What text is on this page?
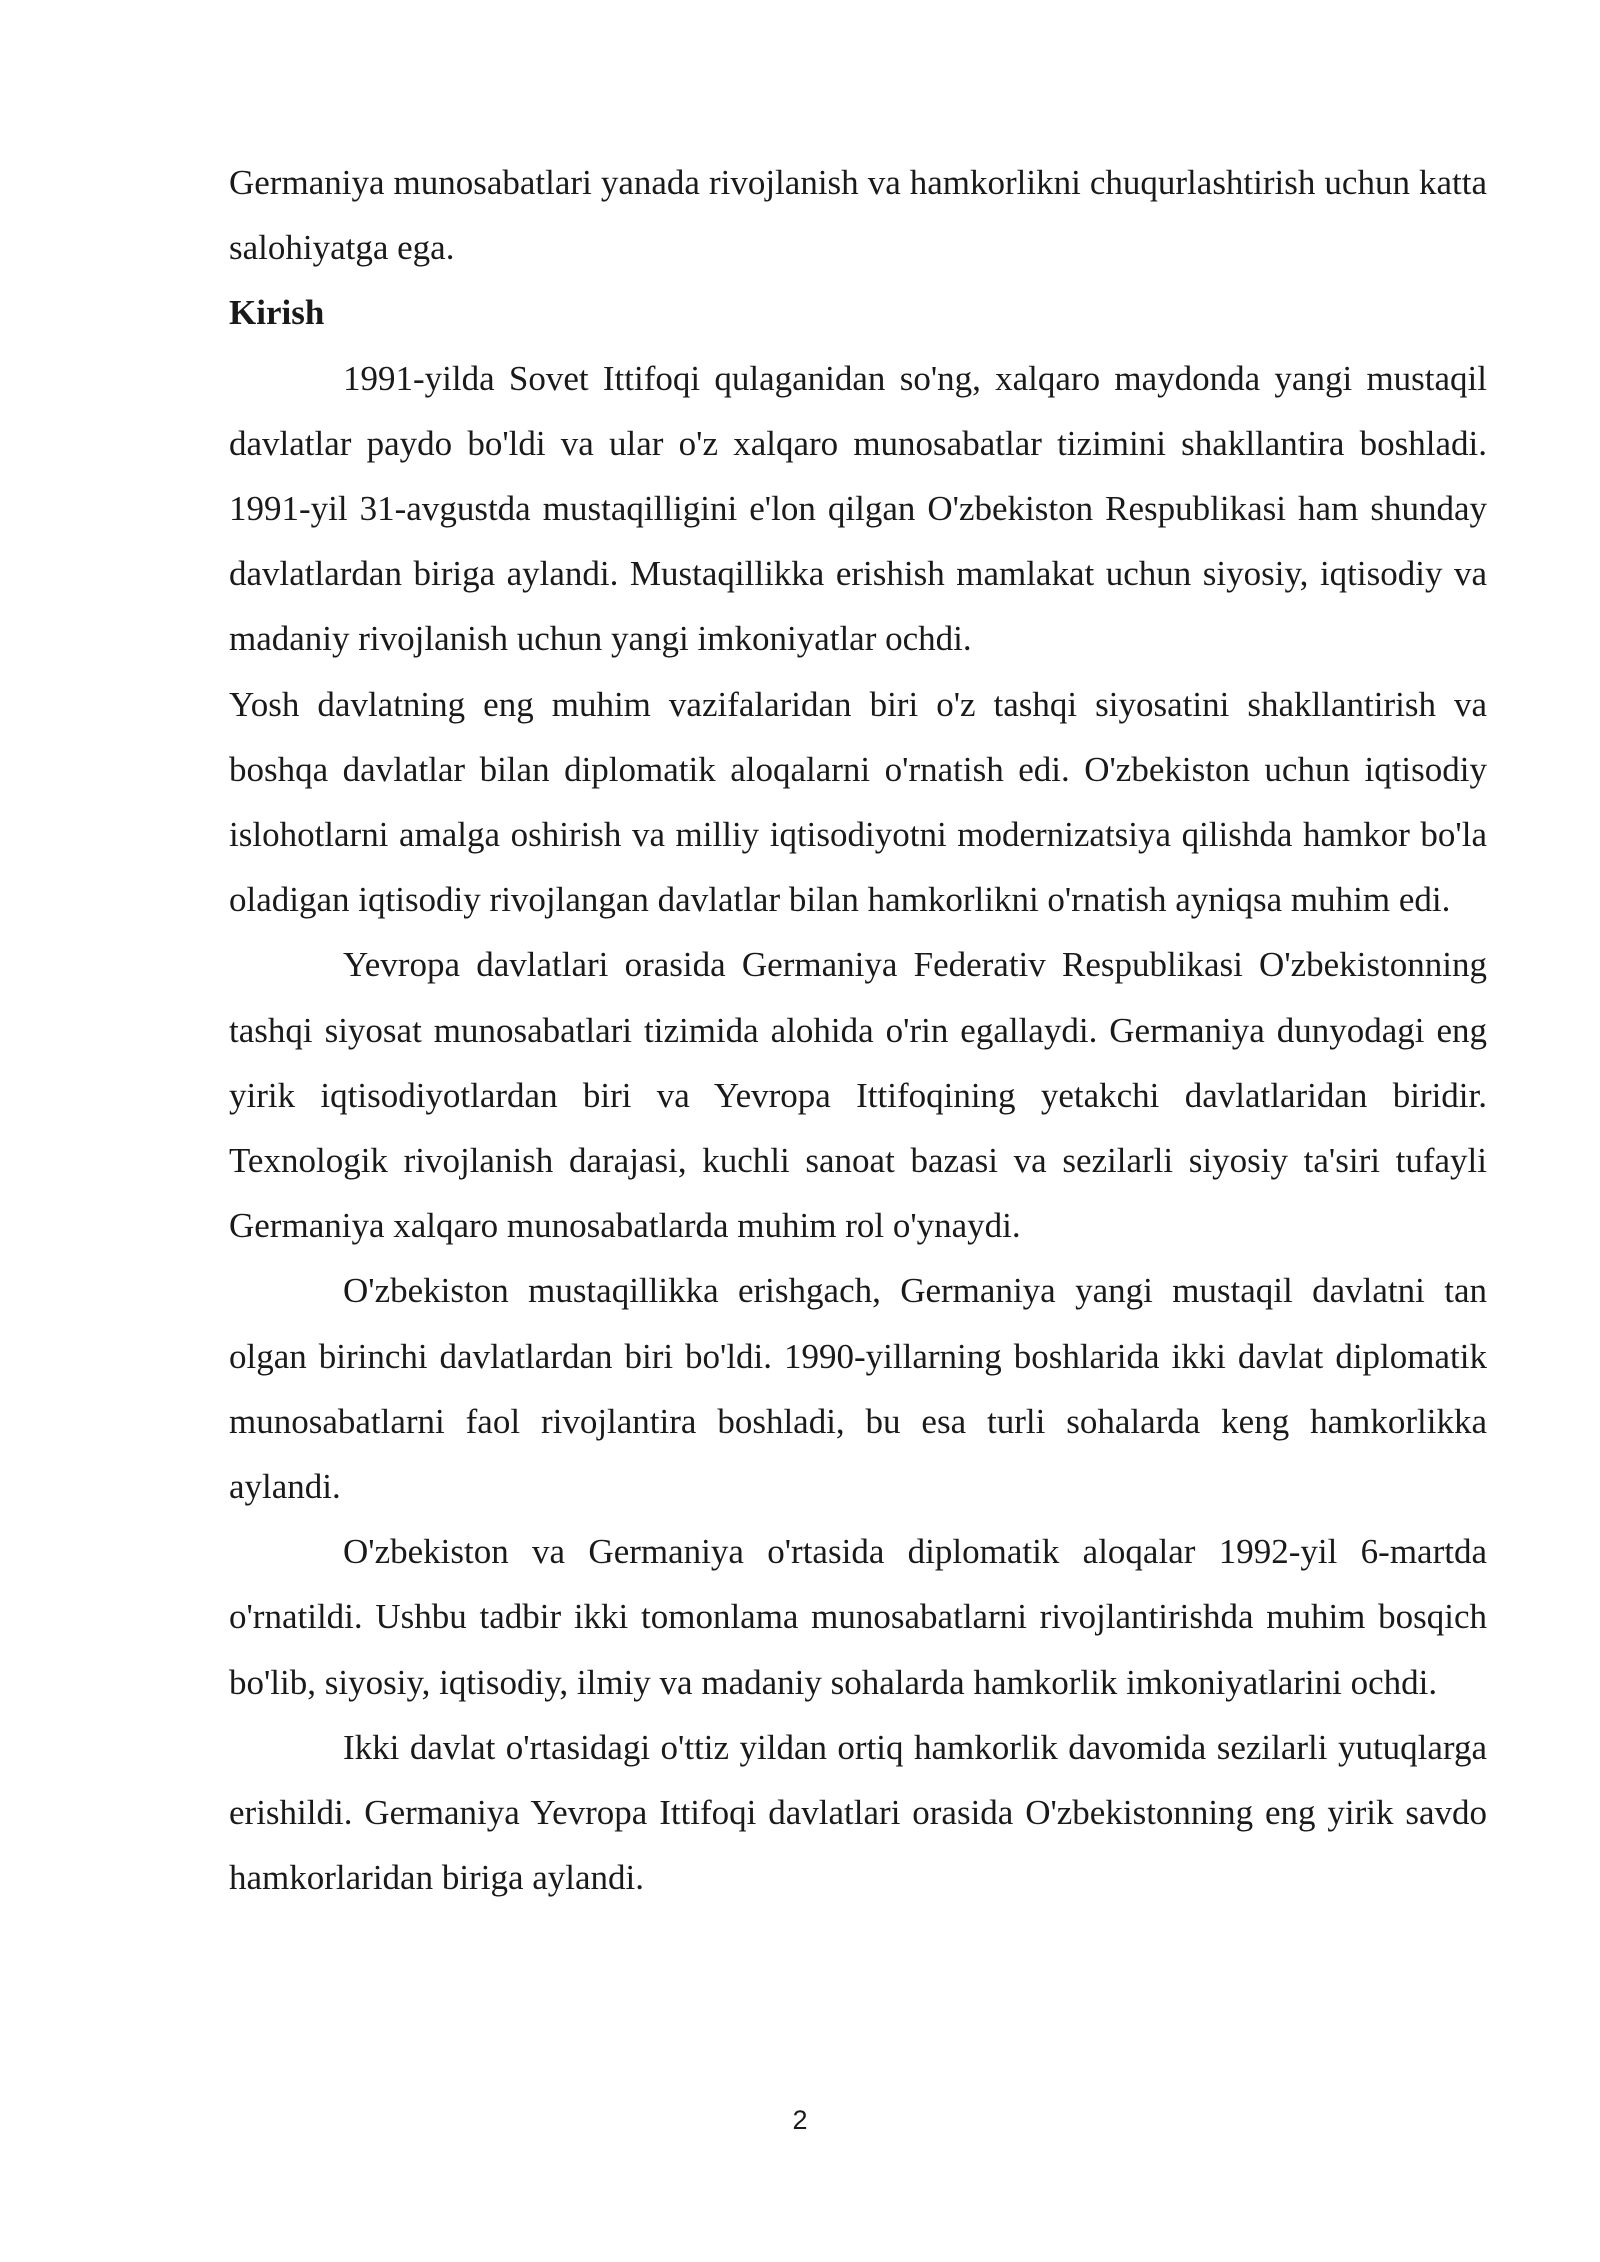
Germaniya munosabatlari yanada rivojlanish va hamkorlikni chuqurlashtirish uchun katta salohiyatga ega.

Kirish

1991-yilda Sovet Ittifoqi qulaganidan so'ng, xalqaro maydonda yangi mustaqil davlatlar paydo bo'ldi va ular o'z xalqaro munosabatlar tizimini shakllantira boshladi. 1991-yil 31-avgustda mustaqilligini e'lon qilgan O'zbekiston Respublikasi ham shunday davlatlardan biriga aylandi. Mustaqillikka erishish mamlakat uchun siyosiy, iqtisodiy va madaniy rivojlanish uchun yangi imkoniyatlar ochdi.

Yosh davlatning eng muhim vazifalaridan biri o'z tashqi siyosatini shakllantirish va boshqa davlatlar bilan diplomatik aloqalarni o'rnatish edi. O'zbekiston uchun iqtisodiy islohotlarni amalga oshirish va milliy iqtisodiyotni modernizatsiya qilishda hamkor bo'la oladigan iqtisodiy rivojlangan davlatlar bilan hamkorlikni o'rnatish ayniqsa muhim edi.

Yevropa davlatlari orasida Germaniya Federativ Respublikasi O'zbekistonning tashqi siyosat munosabatlari tizimida alohida o'rin egallaydi. Germaniya dunyodagi eng yirik iqtisodiyotlardan biri va Yevropa Ittifoqining yetakchi davlatlaridan biridir. Texnologik rivojlanish darajasi, kuchli sanoat bazasi va sezilarli siyosiy ta'siri tufayli Germaniya xalqaro munosabatlarda muhim rol o'ynaydi.

O'zbekiston mustaqillikka erishgach, Germaniya yangi mustaqil davlatni tan olgan birinchi davlatlardan biri bo'ldi. 1990-yillarning boshlarida ikki davlat diplomatik munosabatlarni faol rivojlantira boshladi, bu esa turli sohalarda keng hamkorlikka aylandi.

O'zbekiston va Germaniya o'rtasida diplomatik aloqalar 1992-yil 6-martda o'rnatildi. Ushbu tadbir ikki tomonlama munosabatlarni rivojlantirishda muhim bosqich bo'lib, siyosiy, iqtisodiy, ilmiy va madaniy sohalarda hamkorlik imkoniyatlarini ochdi.

Ikki davlat o'rtasidagi o'ttiz yildan ortiq hamkorlik davomida sezilarli yutuqlarga erishildi. Germaniya Yevropa Ittifoqi davlatlari orasida O'zbekistonning eng yirik savdo hamkorlaridan biriga aylandi.

2
